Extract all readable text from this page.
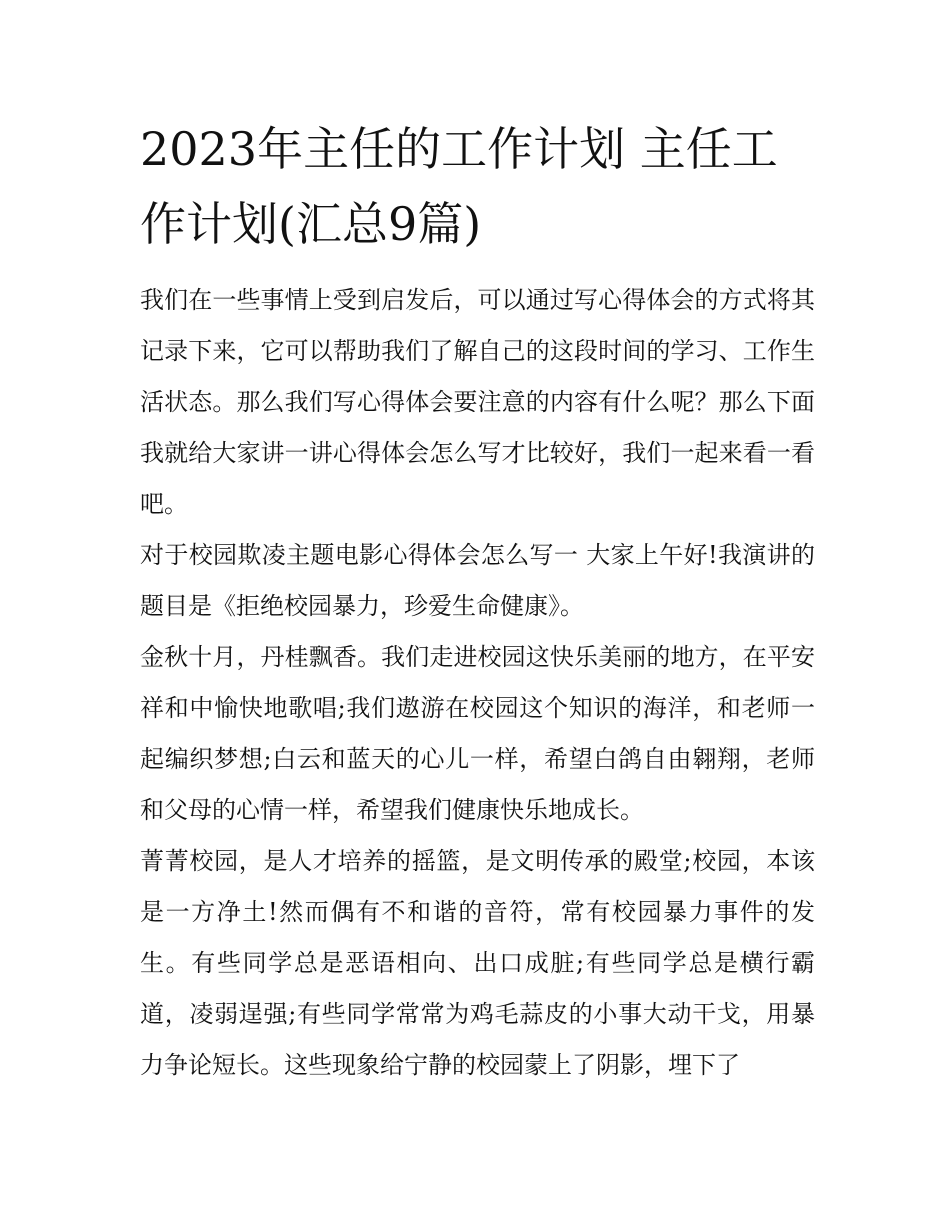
2023年主任的工作计划 主任工作计划(汇总9篇)

我们在一些事情上受到启发后，可以通过写心得体会的方式将其记录下来，它可以帮助我们了解自己的这段时间的学习、工作生活状态。那么我们写心得体会要注意的内容有什么呢？那么下面我就给大家讲一讲心得体会怎么写才比较好，我们一起来看一看吧。

对于校园欺凌主题电影心得体会怎么写一 大家上午好!我演讲的题目是《拒绝校园暴力，珍爱生命健康》。

金秋十月，丹桂飘香。我们走进校园这快乐美丽的地方，在平安祥和中愉快地歌唱;我们遨游在校园这个知识的海洋，和老师一起编织梦想;白云和蓝天的心儿一样，希望白鸽自由翱翔，老师和父母的心情一样，希望我们健康快乐地成长。

菁菁校园，是人才培养的摇篮，是文明传承的殿堂;校园，本该是一方净土!然而偶有不和谐的音符，常有校园暴力事件的发生。有些同学总是恶语相向、出口成脏;有些同学总是横行霸道，凌弱逞强;有些同学常常为鸡毛蒜皮的小事大动干戈，用暴力争论短长。这些现象给宁静的校园蒙上了阴影，埋下了
